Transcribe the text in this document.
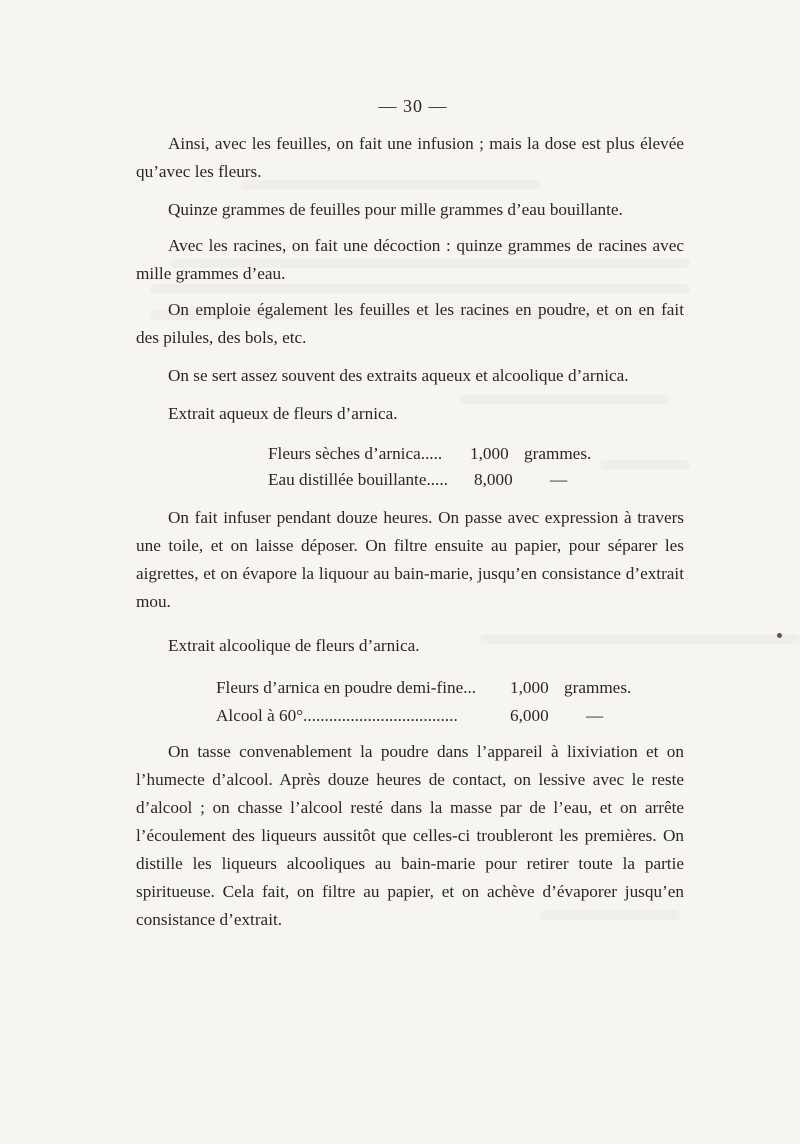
— 30 —

Ainsi, avec les feuilles, on fait une infusion ; mais la dose est plus élevée qu’avec les fleurs.

Quinze grammes de feuilles pour mille grammes d’eau bouillante.

Avec les racines, on fait une décoction : quinze grammes de racines avec mille grammes d’eau.

On emploie également les feuilles et les racines en poudre, et on en fait des pilules, des bols, etc.

On se sert assez souvent des extraits aqueux et alcoolique d’arnica.

Extrait aqueux de fleurs d’arnica.

Fleurs sèches d’arnica..... 1,000 grammes.
Eau distillée bouillante..... 8,000 —

On fait infuser pendant douze heures. On passe avec expression à travers une toile, et on laisse déposer. On filtre ensuite au papier, pour séparer les aigrettes, et on évapore la liquour au bain-marie, jusqu’en consistance d’extrait mou.

Extrait alcoolique de fleurs d’arnica.

Fleurs d’arnica en poudre demi-fine... 1,000 grammes.
Alcool à 60°....................................	6,000 —

On tasse convenablement la poudre dans l’appareil à lixiviation et on l’humecte d’alcool. Après douze heures de contact, on lessive avec le reste d’alcool ; on chasse l’alcool resté dans la masse par de l’eau, et on arrête l’écoulement des liqueurs aussitôt que celles-ci troubleront les premières. On distille les liqueurs alcooliques au bain-marie pour retirer toute la partie spiritueuse. Cela fait, on filtre au papier, et on achève d’évaporer jusqu’en consistance d’extrait.
